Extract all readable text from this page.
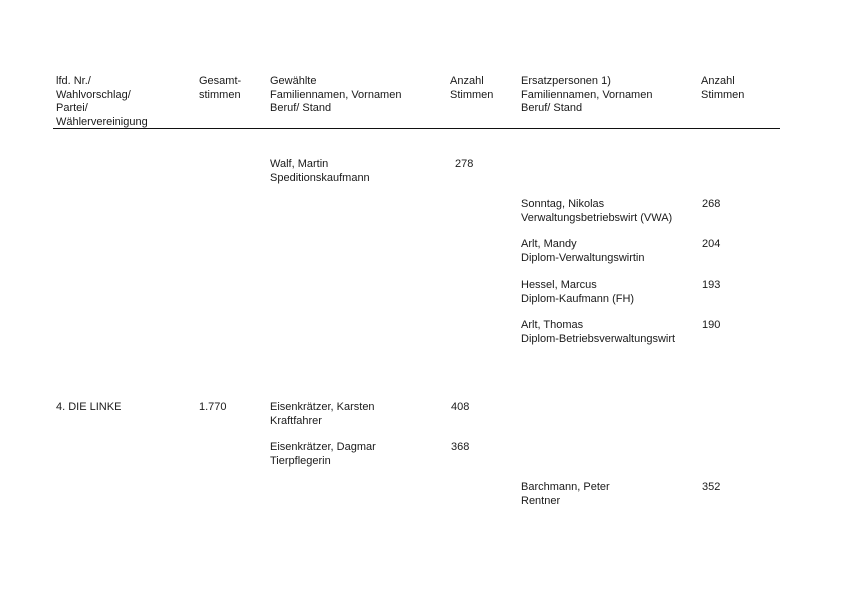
lfd. Nr./
Wahlvorschlag/
Partei/
Wählervereinigung
Gesamt-
stimmen
Gewählte
Familiennamen, Vornamen
Beruf/ Stand
Anzahl
Stimmen
Ersatzpersonen 1)
Familiennamen, Vornamen
Beruf/ Stand
Anzahl
Stimmen
Walf, Martin
Speditionskaufmann
278
Sonntag, Nikolas
Verwaltungsbetriebswirt (VWA)
268
Arlt, Mandy
Diplom-Verwaltungswirtin
204
Hessel, Marcus
Diplom-Kaufmann (FH)
193
Arlt, Thomas
Diplom-Betriebsverwaltungswirt
190
4. DIE LINKE	1.770	Eisenkrätzer, Karsten
Kraftfahrer
408
Eisenkrätzer, Dagmar
Tierpflegerin
368
Barchmann, Peter
Rentner
352
